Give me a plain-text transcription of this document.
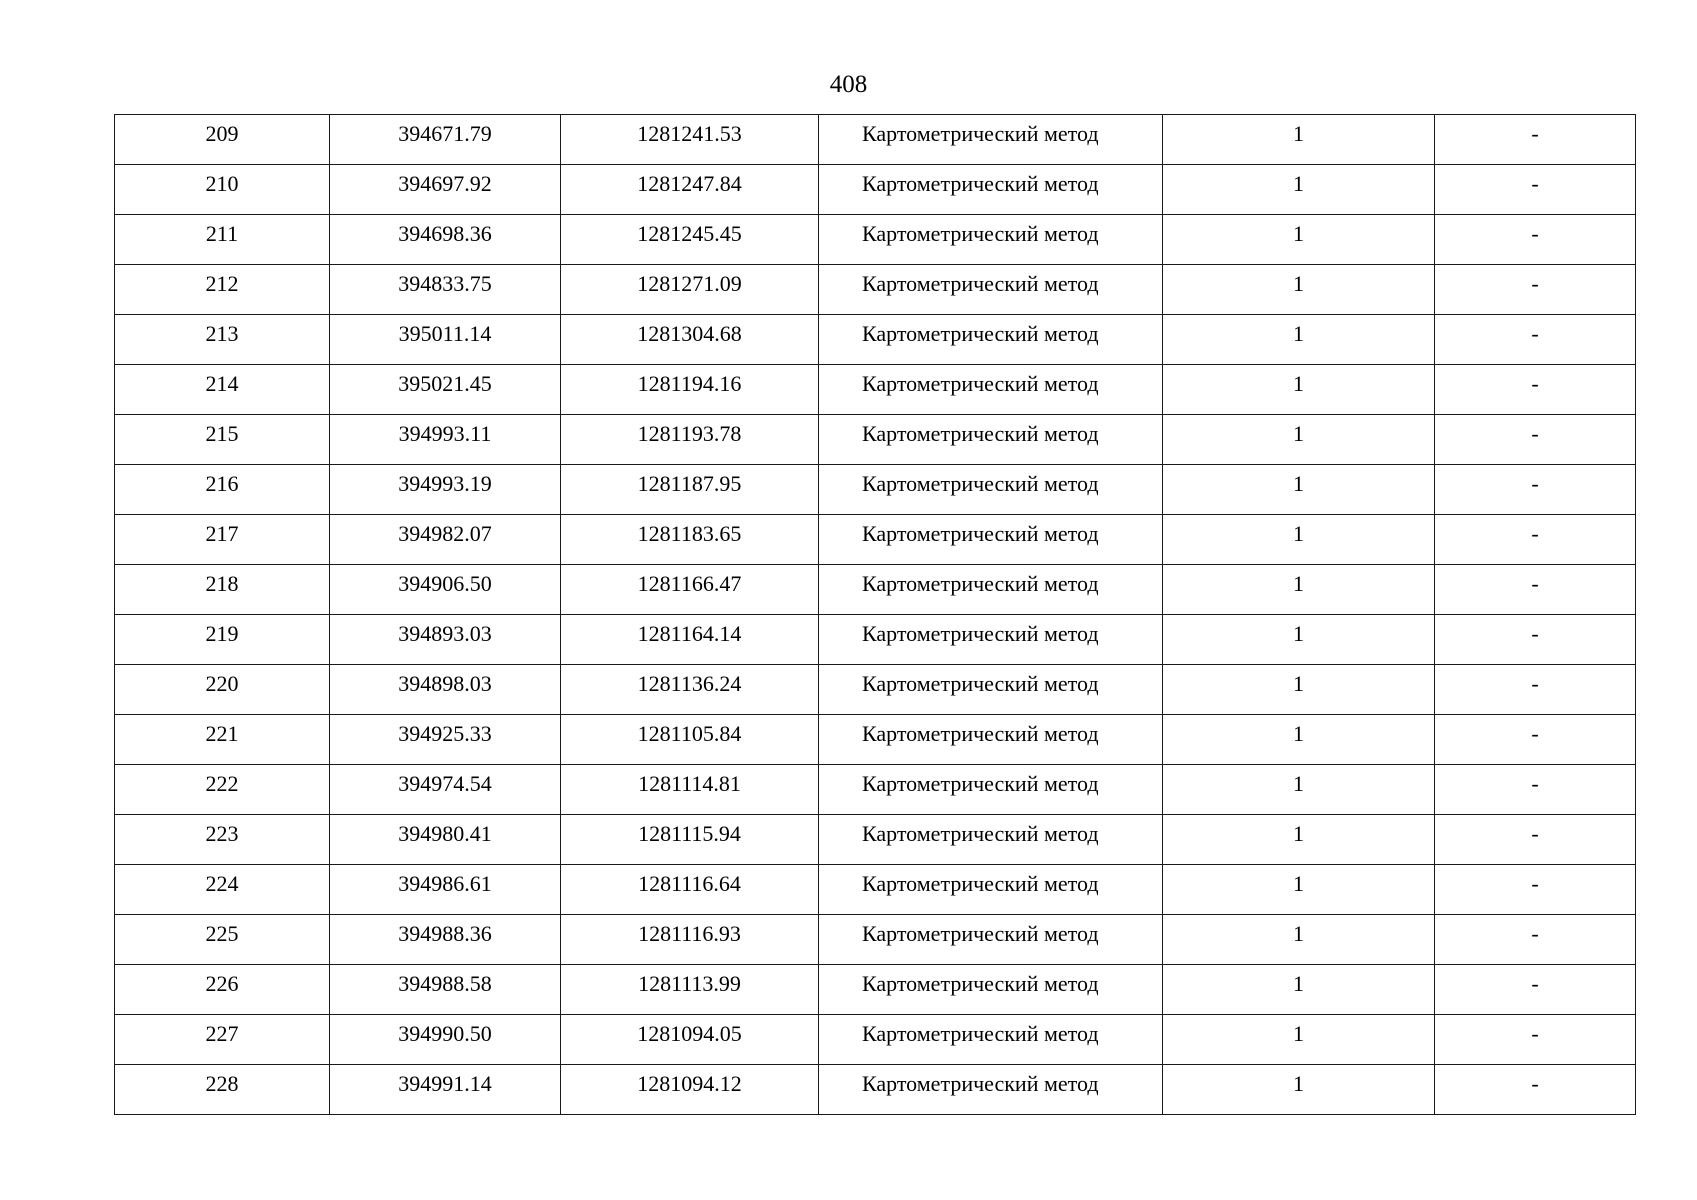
408
209	394671.79	1281241.53	Картометрический метод	1	-
210	394697.92	1281247.84	Картометрический метод	1	-
211	394698.36	1281245.45	Картометрический метод	1	-
212	394833.75	1281271.09	Картометрический метод	1	-
213	395011.14	1281304.68	Картометрический метод	1	-
214	395021.45	1281194.16	Картометрический метод	1	-
215	394993.11	1281193.78	Картометрический метод	1	-
216	394993.19	1281187.95	Картометрический метод	1	-
217	394982.07	1281183.65	Картометрический метод	1	-
218	394906.50	1281166.47	Картометрический метод	1	-
219	394893.03	1281164.14	Картометрический метод	1	-
220	394898.03	1281136.24	Картометрический метод	1	-
221	394925.33	1281105.84	Картометрический метод	1	-
222	394974.54	1281114.81	Картометрический метод	1	-
223	394980.41	1281115.94	Картометрический метод	1	-
224	394986.61	1281116.64	Картометрический метод	1	-
225	394988.36	1281116.93	Картометрический метод	1	-
226	394988.58	1281113.99	Картометрический метод	1	-
227	394990.50	1281094.05	Картометрический метод	1	-
228	394991.14	1281094.12	Картометрический метод	1	-
